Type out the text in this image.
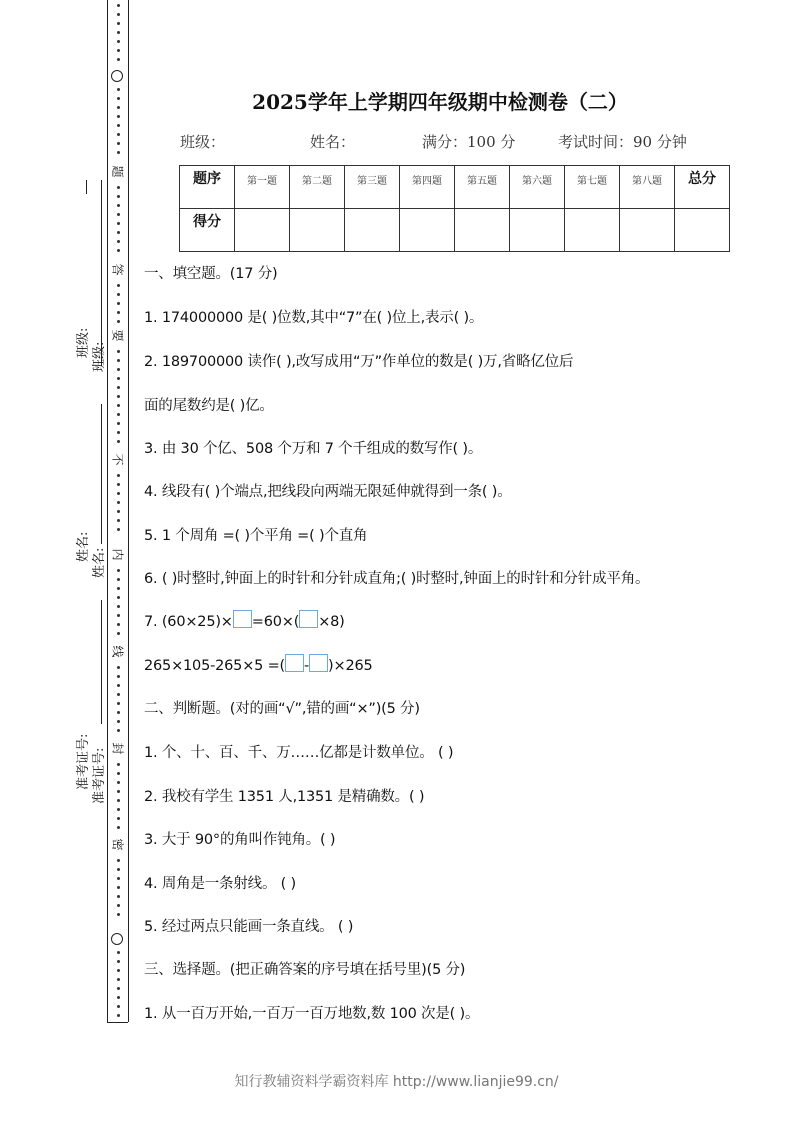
题
答
要
不
内
线
封
密
班级: 班级:
姓名:
姓名:
准考证号: 准考证号:
2025学年上学期四年级期中检测卷（二）
班级：	姓名：	满分：100 分	考试时间：90 分钟
题序	第一题	第二题	第三题	第四题	第五题	第六题	第七题	第八题	总分
得分									
一、填空题。(17 分)
1. 174000000 是( )位数,其中“7”在( )位上,表示( )。
2. 189700000 读作( ),改写成用“万”作单位的数是( )万,省略亿位后
面的尾数约是( )亿。
3. 由 30 个亿、508 个万和 7 个千组成的数写作( )。
4. 线段有( )个端点,把线段向两端无限延伸就得到一条( )。
5. 1 个周角 =( )个平角 =( )个直角
6. ( )时整时,钟面上的时针和分针成直角;( )时整时,钟面上的时针和分针成平角。
7. (60×25)× =60×( ×8)
265×105-265×5 =( - )×265
二、判断题。(对的画“√”,错的画“×”)(5 分)
1. 个、十、百、千、万……亿都是计数单位。 ( )
2. 我校有学生 1351 人,1351 是精确数。( )
3. 大于 90°的角叫作钝角。( )
4. 周角是一条射线。 ( )
5. 经过两点只能画一条直线。 ( )
三、选择题。(把正确答案的序号填在括号里)(5 分)
1. 从一百万开始,一百万一百万地数,数 100 次是( )。
知行教辅资料学霸资料库 http://www.lianjie99.cn/
